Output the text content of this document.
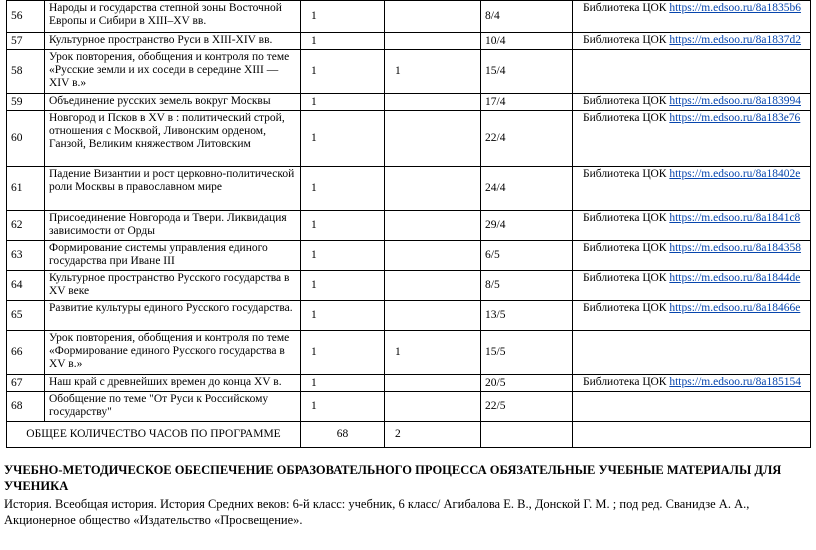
56	Народы и государства степной зоны Восточной Европы и Сибири в XIII–XV вв.	1		8/4	Библиотека ЦОК https://m.edsoo.ru/8a1835b6
57	Культурное пространство Руси в XIII-XIV вв.	1		10/4	Библиотека ЦОК https://m.edsoo.ru/8a1837d2
58	Урок повторения, обобщения и контроля по теме «Русские земли и их соседи в середине XIII — XIV в.»	1	1	15/4	
59	Объединение русских земель вокруг Москвы	1		17/4	Библиотека ЦОК https://m.edsoo.ru/8a183994
60	Новгород и Псков в XV в : политический строй, отношения с Москвой, Ливонским орденом, Ганзой, Великим княжеством Литовским	1		22/4	Библиотека ЦОК https://m.edsoo.ru/8a183e76
61	Падение Византии и рост церковно-политической роли Москвы в православном мире	1		24/4	Библиотека ЦОК https://m.edsoo.ru/8a18402e
62	Присоединение Новгорода и Твери. Ликвидация зависимости от Орды	1		29/4	Библиотека ЦОК https://m.edsoo.ru/8a1841c8
63	Формирование системы управления единого государства при Иване III	1		6/5	Библиотека ЦОК https://m.edsoo.ru/8a184358
64	Культурное пространство Русского государства в XV веке	1		8/5	Библиотека ЦОК https://m.edsoo.ru/8a1844de
65	Развитие культуры единого Русского государства.	1		13/5	Библиотека ЦОК https://m.edsoo.ru/8a18466e
66	Урок повторения, обобщения и контроля по теме «Формирование единого Русского государства в XV в.»	1	1	15/5	
67	Наш край с древнейших времен до конца XV в.	1		20/5	Библиотека ЦОК https://m.edsoo.ru/8a185154
68	Обобщение по теме "От Руси к Российскому государству"	1		22/5	
ОБЩЕЕ КОЛИЧЕСТВО ЧАСОВ ПО ПРОГРАММЕ		68	2		

УЧЕБНО-МЕТОДИЧЕСКОЕ ОБЕСПЕЧЕНИЕ ОБРАЗОВАТЕЛЬНОГО ПРОЦЕССА ОБЯЗАТЕЛЬНЫЕ УЧЕБНЫЕ МАТЕРИАЛЫ ДЛЯ УЧЕНИКА

История. Всеобщая история. История Средних веков: 6-й класс: учебник, 6 класс/ Агибалова Е. В., Донской Г. М. ; под ред. Сванидзе А. А., Акционерное общество «Издательство «Просвещение».
